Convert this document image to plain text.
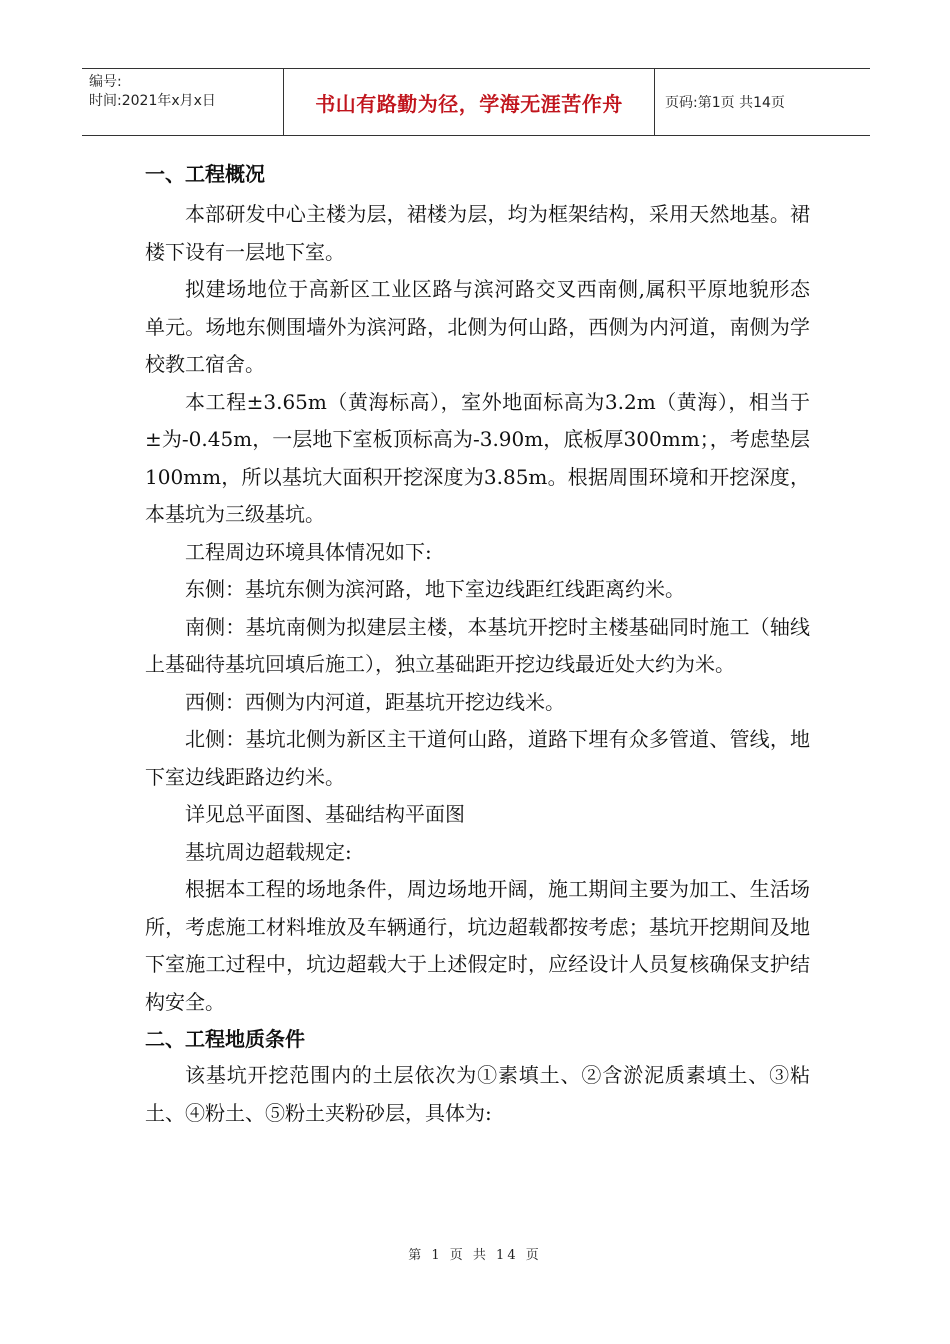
编号:
时间:2021年x月x日	书山有路勤为径，学海无涯苦作舟	页码:第1页 共14页
一、工程概况

本部研发中心主楼为层，裙楼为层，均为框架结构，采用天然地基。裙楼下设有一层地下室。

拟建场地位于高新区工业区路与滨河路交叉西南侧,属积平原地貌形态单元。场地东侧围墙外为滨河路，北侧为何山路，西侧为内河道，南侧为学校教工宿舍。

本工程±3.65m（黄海标高），室外地面标高为3.2m（黄海），相当于±为-0.45m，一层地下室板顶标高为-3.90m，底板厚300mm；，考虑垫层100mm，所以基坑大面积开挖深度为3.85m。根据周围环境和开挖深度，本基坑为三级基坑。

工程周边环境具体情况如下:

东侧：基坑东侧为滨河路，地下室边线距红线距离约米。

南侧：基坑南侧为拟建层主楼，本基坑开挖时主楼基础同时施工（轴线上基础待基坑回填后施工），独立基础距开挖边线最近处大约为米。

西侧：西侧为内河道，距基坑开挖边线米。

北侧：基坑北侧为新区主干道何山路，道路下埋有众多管道、管线，地下室边线距路边约米。

详见总平面图、基础结构平面图

基坑周边超载规定:

根据本工程的场地条件，周边场地开阔，施工期间主要为加工、生活场所，考虑施工材料堆放及车辆通行，坑边超载都按考虑；基坑开挖期间及地下室施工过程中，坑边超载大于上述假定时，应经设计人员复核确保支护结构安全。

二、工程地质条件

该基坑开挖范围内的土层依次为①素填土、②含淤泥质素填土、③粘土、④粉土、⑤粉土夹粉砂层，具体为:

第 1 页 共 14 页
